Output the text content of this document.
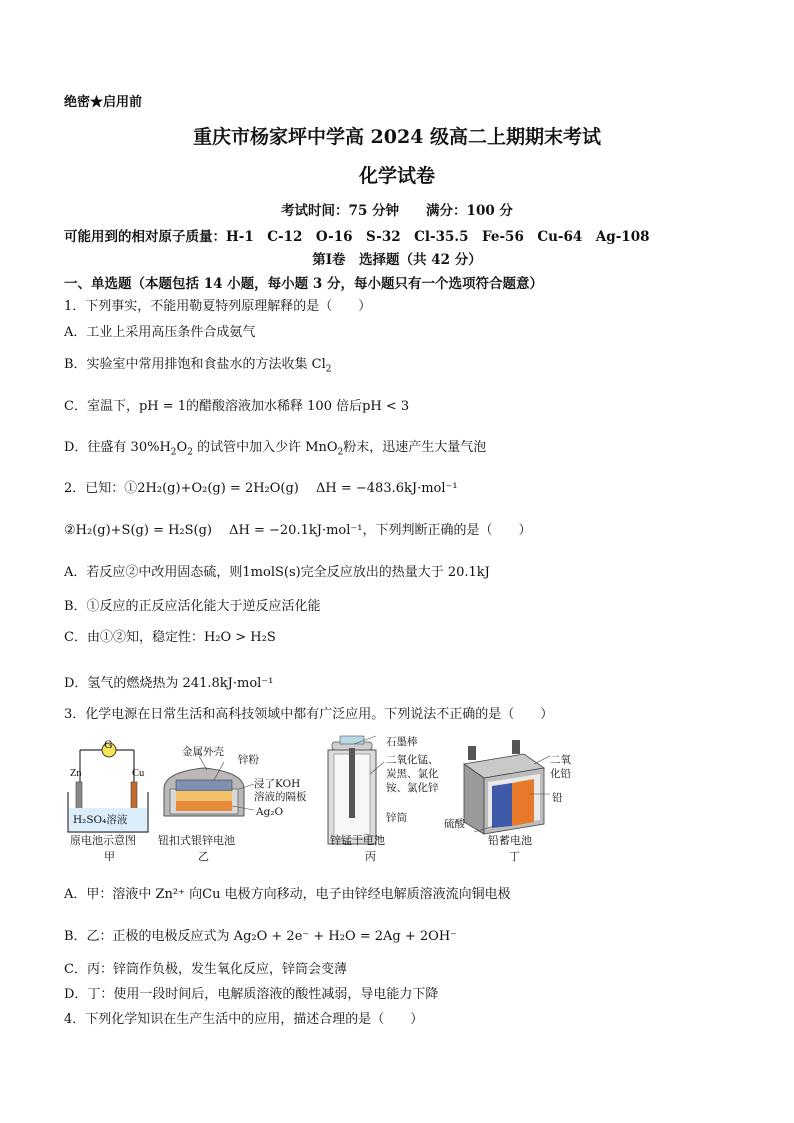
绝密★启用前
重庆市杨家坪中学高 2024 级高二上期期末考试
化学试卷
考试时间：75 分钟　　满分：100 分
可能用到的相对原子质量：H-1　C-12　O-16　S-32　Cl-35.5　Fe-56　Cu-64　Ag-108
第Ⅰ卷　选择题（共 42 分）
一、单选题（本题包括 14 小题，每小题 3 分，每小题只有一个选项符合题意）
1．下列事实，不能用勒夏特列原理解释的是（　　）
A．工业上采用高压条件合成氨气
B．实验室中常用排饱和食盐水的方法收集 $Cl_2$
C．室温下，pH = 1的醋酸溶液加水稀释 100 倍后pH < 3
D．往盛有 $30\%H_2O_2$ 的试管中加入少许 MnO$_2$粉末，迅速产生大量气泡
2．已知：①2H₂(g)+O₂(g) = 2H₂O(g)　 ΔH = −483.6kJ·mol⁻¹
②H₂(g)+S(g) = H₂S(g)　 ΔH = −20.1kJ·mol⁻¹，下列判断正确的是（　　）
A．若反应②中改用固态硫，则1molS(s)完全反应放出的热量大于 20.1kJ
B．①反应的正反应活化能大于逆反应活化能
C．由①②知，稳定性：H₂O > H₂S
D．氢气的燃烧热为 241.8kJ·mol⁻¹
3．化学电源在日常生活和高科技领域中都有广泛应用。下列说法不正确的是（　　）
G
Zn	Cu
H₂SO₄溶液
原电池示意图
甲
金属外壳
锌粉
浸了KOH
溶液的隔板
Ag₂O
钮扣式银锌电池
乙
石墨棒
二氧化锰、
炭黑、氯化
铵、氯化锌
锌筒
锌锰干电池
丙
二氧
化铅
铅
硫酸
铅蓄电池
丁
A．甲：溶液中 Zn²⁺ 向Cu 电极方向移动，电子由锌经电解质溶液流向铜电极
B．乙：正极的电极反应式为 Ag₂O + 2e⁻ + H₂O = 2Ag + 2OH⁻
C．丙：锌筒作负极，发生氧化反应，锌筒会变薄
D．丁：使用一段时间后，电解质溶液的酸性减弱，导电能力下降
4．下列化学知识在生产生活中的应用，描述合理的是（　　）
